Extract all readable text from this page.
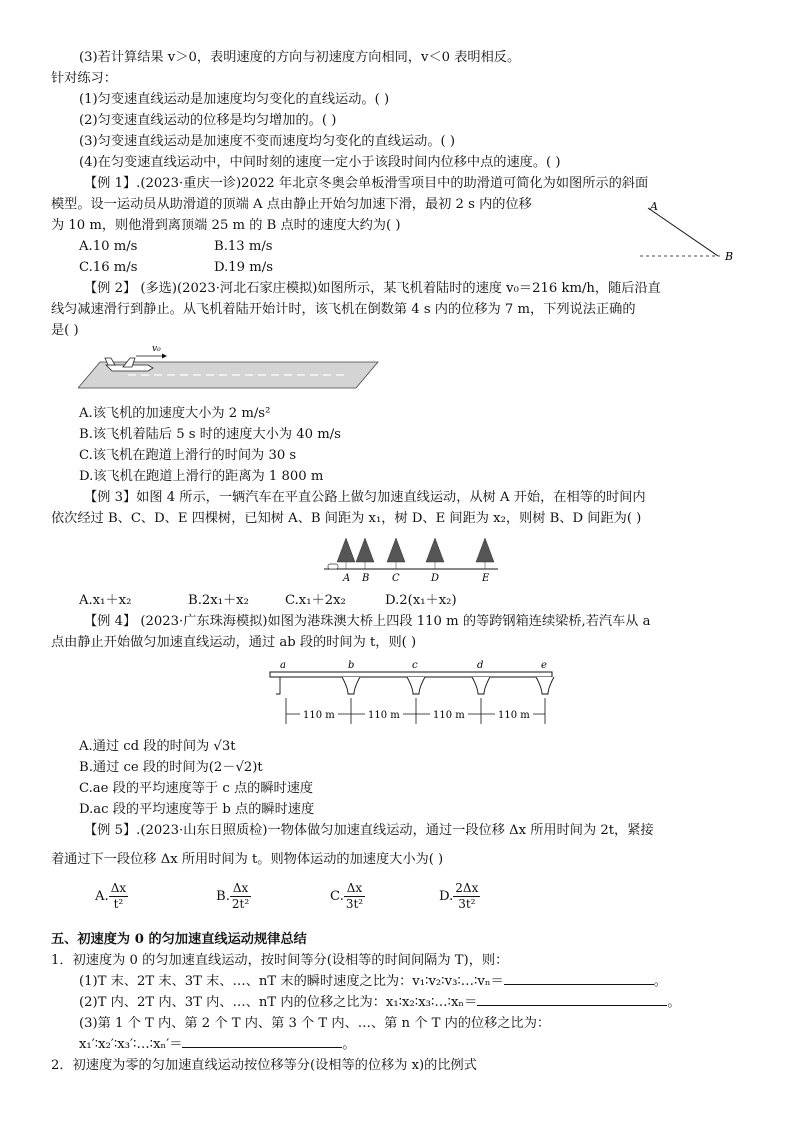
(3)若计算结果 v＞0，表明速度的方向与初速度方向相同，v＜0 表明相反。
针对练习：
(1)匀变速直线运动是加速度均匀变化的直线运动。( )
(2)匀变速直线运动的位移是均匀增加的。( )
(3)匀变速直线运动是加速度不变而速度均匀变化的直线运动。( )
(4)在匀变速直线运动中，中间时刻的速度一定小于该段时间内位移中点的速度。( )
【例 1】.(2023·重庆一诊)2022 年北京冬奥会单板滑雪项目中的助滑道可简化为如图所示的斜面
模型。设一运动员从助滑道的顶端 A 点由静止开始匀加速下滑，最初 2 s 内的位移
为 10 m，则他滑到离顶端 25 m 的 B 点时的速度大约为( )
A.10 m/s	B.13 m/s
C.16 m/s	D.19 m/s
A
B
【例 2】 (多选)(2023·河北石家庄模拟)如图所示，某飞机着陆时的速度 v₀＝216 km/h，随后沿直
线匀减速滑行到静止。从飞机着陆开始计时，该飞机在倒数第 4 s 内的位移为 7 m，下列说法正确的
是( )
v₀
A.该飞机的加速度大小为 2 m/s²
B.该飞机着陆后 5 s 时的速度大小为 40 m/s
C.该飞机在跑道上滑行的时间为 30 s
D.该飞机在跑道上滑行的距离为 1 800 m
【例 3】如图 4 所示，一辆汽车在平直公路上做匀加速直线运动，从树 A 开始，在相等的时间内
依次经过 B、C、D、E 四棵树，已知树 A、B 间距为 x₁，树 D、E 间距为 x₂，则树 B、D 间距为( )
A B C	D	E
A.x₁＋x₂	B.2x₁＋x₂	C.x₁＋2x₂	D.2(x₁＋x₂)
【例 4】 (2023·广东珠海模拟)如图为港珠澳大桥上四段 110 m 的等跨钢箱连续梁桥,若汽车从 a
点由静止开始做匀加速直线运动，通过 ab 段的时间为 t，则( )
a	b	c	d	e
110 m	110 m	110 m	110 m
A.通过 cd 段的时间为 √3t
B.通过 ce 段的时间为(2－√2)t
C.ae 段的平均速度等于 c 点的瞬时速度
D.ac 段的平均速度等于 b 点的瞬时速度
【例 5】.(2023·山东日照质检)一物体做匀加速直线运动，通过一段位移 Δx 所用时间为 2t，紧接
着通过下一段位移 Δx 所用时间为 t。则物体运动的加速度大小为( )
A. $\frac{\Delta x}{\text{t²}}$	B. $\frac{\Delta x}{\text{2t²}}$	C. $\frac{\Delta x}{\text{3t²}}$	D. $\frac{2\Delta x}{\text{3t²}}$
五、初速度为 0 的匀加速直线运动规律总结
1．初速度为 0 的匀加速直线运动，按时间等分(设相等的时间间隔为 T)，则：
(1)T 末、2T 末、3T 末、…、nT 末的瞬时速度之比为：v₁∶v₂∶v₃∶…∶vₙ＝	。
(2)T 内、2T 内、3T 内、…、nT 内的位移之比为：x₁∶x₂∶x₃∶…∶xₙ＝	。
(3)第 1 个 T 内、第 2 个 T 内、第 3 个 T 内、…、第 n 个 T 内的位移之比为：
x₁′∶x₂′∶x₃′∶…∶xₙ′＝	。
2．初速度为零的匀加速直线运动按位移等分(设相等的位移为 x)的比例式
